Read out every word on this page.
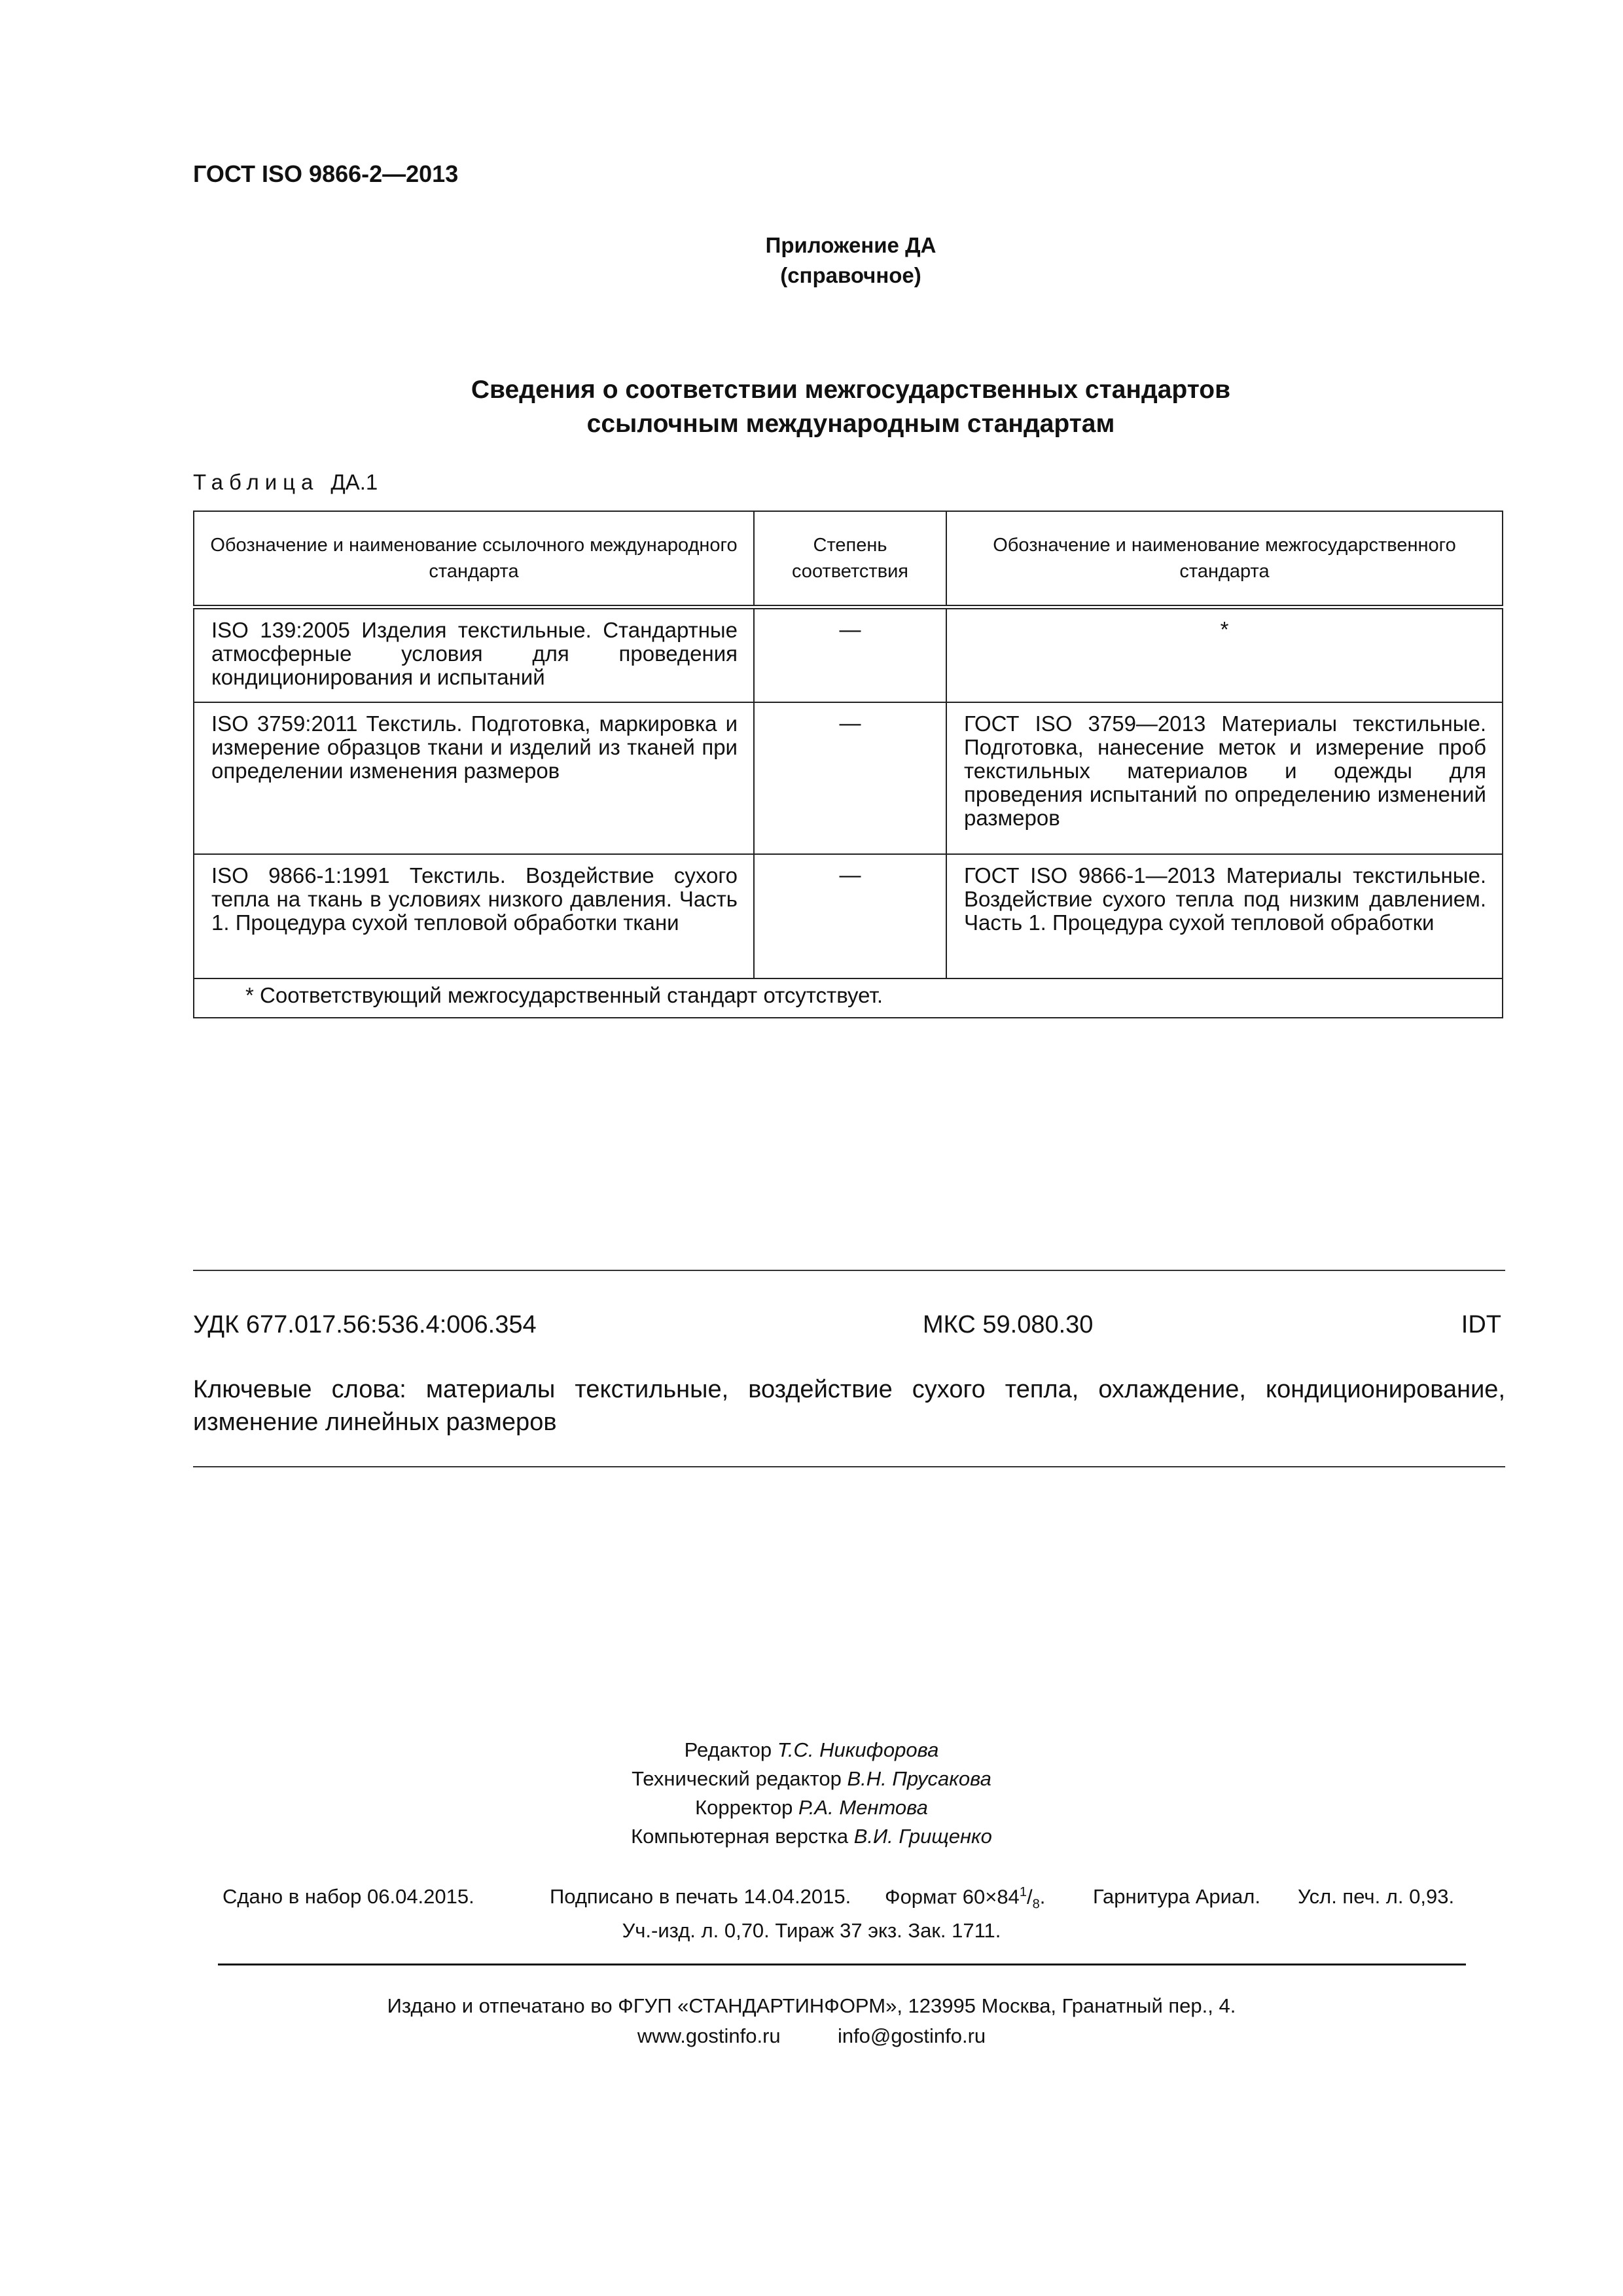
ГОСТ ISO 9866-2—2013
Приложение ДА
(справочное)
Сведения о соответствии межгосударственных стандартов
ссылочным международным стандартам
Таблица ДА.1
Обозначение и наименование ссылочного международного стандарта	Степень соответствия	Обозначение и наименование межгосударственного стандарта
ISO 139:2005 Изделия текстильные. Стандартные атмосферные условия для проведения кондиционирования и испытаний	—	*
ISO 3759:2011 Текстиль. Подготовка, маркировка и измерение образцов ткани и изделий из тканей при определении изменения размеров	—	ГОСТ ISO 3759—2013 Материалы текстильные. Подготовка, нанесение меток и измерение проб текстильных материалов и одежды для проведения испытаний по определению изменений размеров
ISO 9866-1:1991 Текстиль. Воздействие сухого тепла на ткань в условиях низкого давления. Часть 1. Процедура сухой тепловой обработки ткани	—	ГОСТ ISO 9866-1—2013 Материалы текстильные. Воздействие сухого тепла под низким давлением. Часть 1. Процедура сухой тепловой обработки
* Соответствующий межгосударственный стандарт отсутствует.		
УДК 677.017.56:536.4:006.354	МКС 59.080.30	IDT
Ключевые слова: материалы текстильные, воздействие сухого тепла, охлаждение, кондиционирование, изменение линейных размеров
Редактор Т.С. Никифорова
Технический редактор В.Н. Прусакова
Корректор Р.А. Ментова
Компьютерная верстка В.И. Грищенко
Сдано в набор 06.04.2015.	Подписано в печать 14.04.2015. Формат $60\times 84^1/_8$. Гарнитура Ариал. Усл. печ. л. 0,93.
Уч.-изд. л. 0,70. Тираж 37 экз. Зак. 1711.
Издано и отпечатано во ФГУП «СТАНДАРТИНФОРМ», 123995 Москва, Гранатный пер., 4.
www.gostinfo.ru	info@gostinfo.ru
